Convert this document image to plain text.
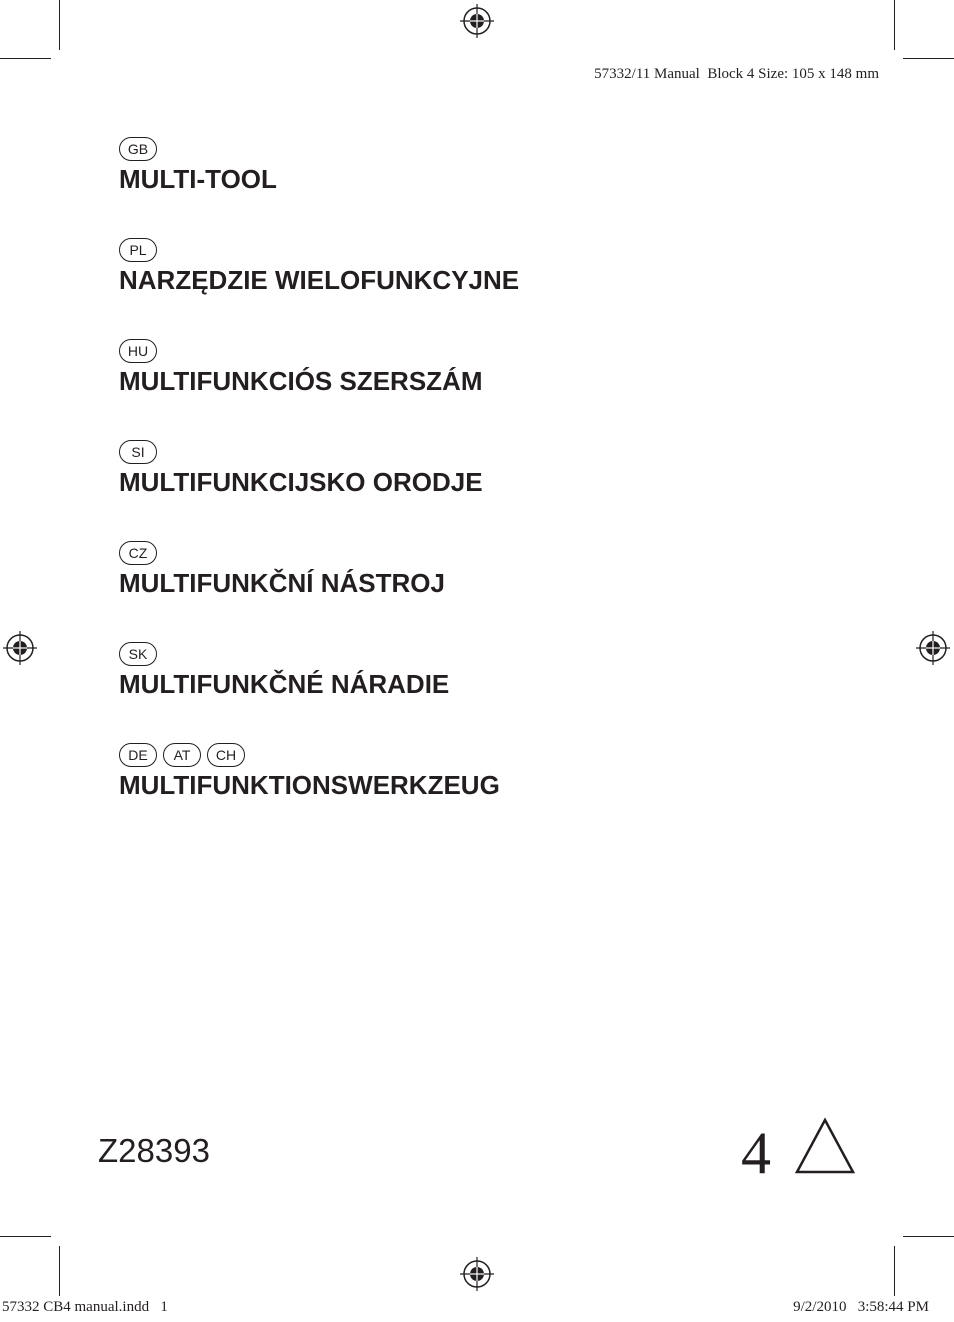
57332/11 Manual  Block 4 Size: 105 x 148 mm
GB
MULTI-TOOL
PL
NARZĘDZIE WIELOFUNKCYJNE
HU
MULTIFUNKCIÓS SZERSZÁM
SI
MULTIFUNKCIJSKO ORODJE
CZ
MULTIFUNKČNÍ NÁSTROJ
SK
MULTIFUNKČNÉ NÁRADIE
DE	AT	CH
MULTIFUNKTIONSWERKZEUG
Z28393	4
57332 CB4 manual.indd   1	9/2/2010   3:58:44 PM
